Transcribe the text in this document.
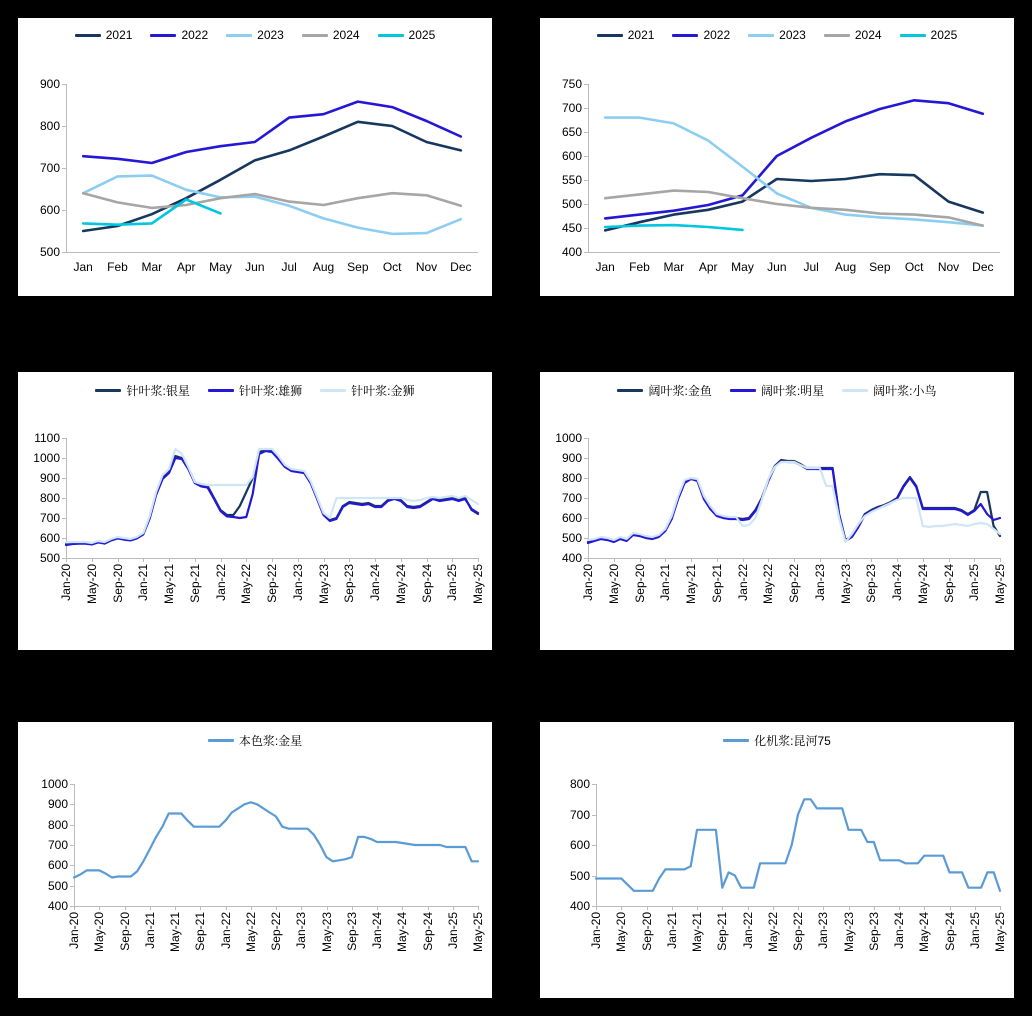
2021	2022	2023	2024	2025
500
600
700
800
900
Jan Feb Mar Apr May Jun Jul Aug Sep Oct Nov Dec
2021	2022	2023	2024	2025
400
450
500
550
600
650
700
750
Jan Feb Mar Apr May Jun Jul Aug Sep Oct Nov Dec
针叶浆:银星	针叶浆:雄狮	针叶浆:金狮
500
600
700
800
900
1000
1100
Jan-20 May-20 Sep-20 Jan-21 May-21 Sep-21 Jan-22 May-22 Sep-22 Jan-23 May-23 Sep-23 Jan-24 May-24 Sep-24 Jan-25 May-25
阔叶浆:金鱼	阔叶浆:明星	阔叶浆:小鸟
400
500
600
700
800
900
1000
Jan-20 May-20 Sep-20 Jan-21 May-21 Sep-21 Jan-22 May-22 Sep-22 Jan-23 May-23 Sep-23 Jan-24 May-24 Sep-24 Jan-25 May-25
本色浆:金星
400
500
600
700
800
900
1000
Jan-20 May-20 Sep-20 Jan-21 May-21 Sep-21 Jan-22 May-22 Sep-22 Jan-23 May-23 Sep-23 Jan-24 May-24 Sep-24 Jan-25 May-25
化机浆:昆河75
400
500
600
700
800
Jan-20 May-20 Sep-20 Jan-21 May-21 Sep-21 Jan-22 May-22 Sep-22 Jan-23 May-23 Sep-23 Jan-24 May-24 Sep-24 Jan-25 May-25
